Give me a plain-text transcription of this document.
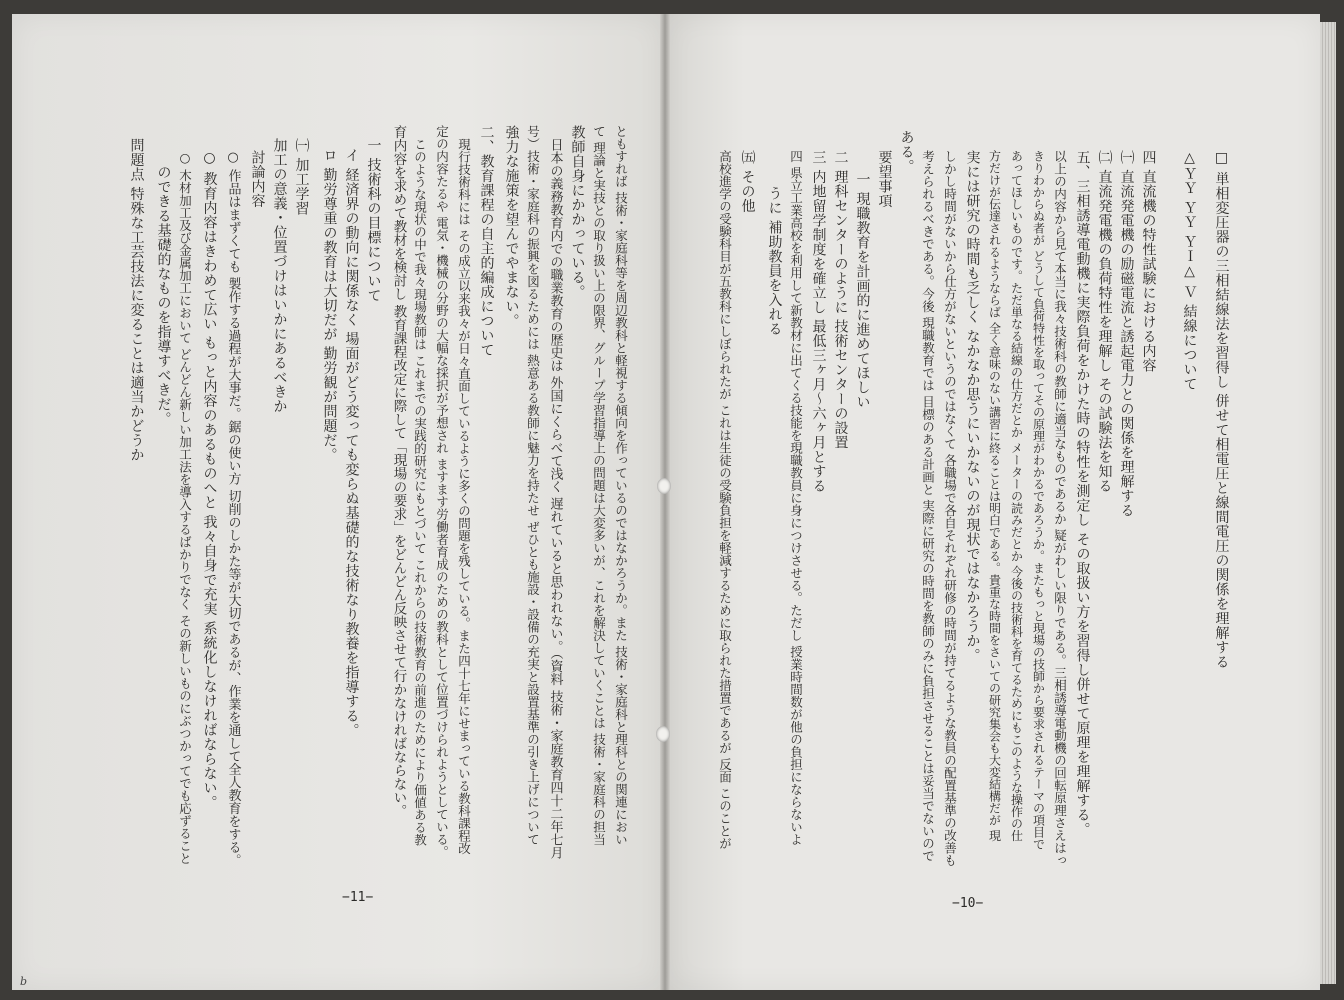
□ 単相変圧器の三相結線法を習得し 併せて相電圧と線間電圧の関係を理解する
△ＹＹ ＹＹ ＹＩ△ Ｖ 結線について
四 直流機の特性試験における内容
㈠ 直流発電機の励磁電流と誘起電力との関係を理解する
㈡ 直流発電機の負荷特性を理解し その試験法を知る
五、三相誘導電動機に実際負荷をかけた時の特性を測定し その取扱い方を習得し併せて原理を理解する。
以上の内容から見て本当に我々技術科の教師に適当なものであるか 疑がわしい限りである。三相誘導電動機の回転原理さえはっ
きりわからぬ者が どうして負荷特性を取ってその原理がわかるであろうか。またもっと現場の技師から要求されるテーマの項目で
あってほしいものです。ただ単なる結線の仕方だとか メーターの読みだとか 今後の技術科を育てるためにもこのような操作の仕
方だけが伝達されるようならば 全く意味のない講習に終ることは明白である。貴重な時間をさいての研究集会も大変結構だが 現
実には研究の時間も乏しく なかなか思うにいかないのが現状ではなかろうか。
しかし時間がないから仕方がないというのではなくて 各職場で各自それぞれ研修の時間が持てるような教員の配置基準の改善も
考えられるべきである。今後 現職教育では 目標のある計画と 実際に研究の時間を教師のみに負担させることは妥当でないので
ある。
要望事項
一 現職教育を計画的に進めてほしい
二 理科センターのように 技術センターの設置
三 内地留学制度を確立し 最低三ヶ月〜六ヶ月とする
四 県立工業高校を利用して新教材に出てくる技能を現職教員に身につけさせる。ただし 授業時間数が他の負担にならないよ
うに 補助教員を入れる
㈤ その他
高校進学の受験科目が五教科にしぼられたが これは生徒の受験負担を軽減するために取られた措置であるが 反面 このことが
−10−
ともすれば 技術・家庭科等を周辺教科と軽視する傾向を作っているのではなかろうか。また 技術・家庭科と理科との関連におい
て 理論と実技との取り扱い上の限界、グループ学習指導上の問題は大変多いが、これを解決していくことは 技術・家庭科の担当
教師自身にかかっている。
日本の義務教育内での職業教育の歴史は 外国にくらべて浅く 遅れていると思われない。（資料 技術・家庭教育四十二年七月
号）技術・家庭科の振興を図るためには 熱意ある教師に魅力を持たせ ぜひとも施設・設備の充実と設置基準の引き上げについて
強力な施策を望んでやまない。
二、教育課程の自主的編成について
現行技術科には その成立以来我々が日々直面しているように多くの問題を残している。また四十七年にせまっている教科課程改
定の内容たるや 電気・機械の分野の大幅な採択が予想され ますます労働者育成のための教科として位置づけられようとしている。
このような現状の中で我々現場教師は これまでの実践的研究にもとづいて これからの技術教育の前進のためにより価値ある教
育内容を求めて教材を検討し 教育課程改定に際して「現場の要求」をどんどん反映させて行かなければならない。
一 技術科の目標について
イ 経済界の動向に関係なく 場面がどう変っても変らぬ基礎的な技術なり教養を指導する。
ロ 勤労尊重の教育は大切だが 勤労観が問題だ。
㈠ 加工学習
加工の意義・位置づけはいかにあるべきか
討論内容
○ 作品はまずくても 製作する過程が大事だ。鋸の使い方 切削のしかた等が大切であるが、作業を通して全人教育をする。
○ 教育内容はきわめて広い もっと内容のあるものへと 我々自身で充実 系統化しなければならない。
○ 木材加工及び金属加工において どんどん新しい加工法を導入するばかりでなく その新しいものにぶつかってでも応ずること
のできる基礎的なものを指導すべきだ。
問題点 特殊な工芸技法に変ることは適当かどうか
−11−
b
